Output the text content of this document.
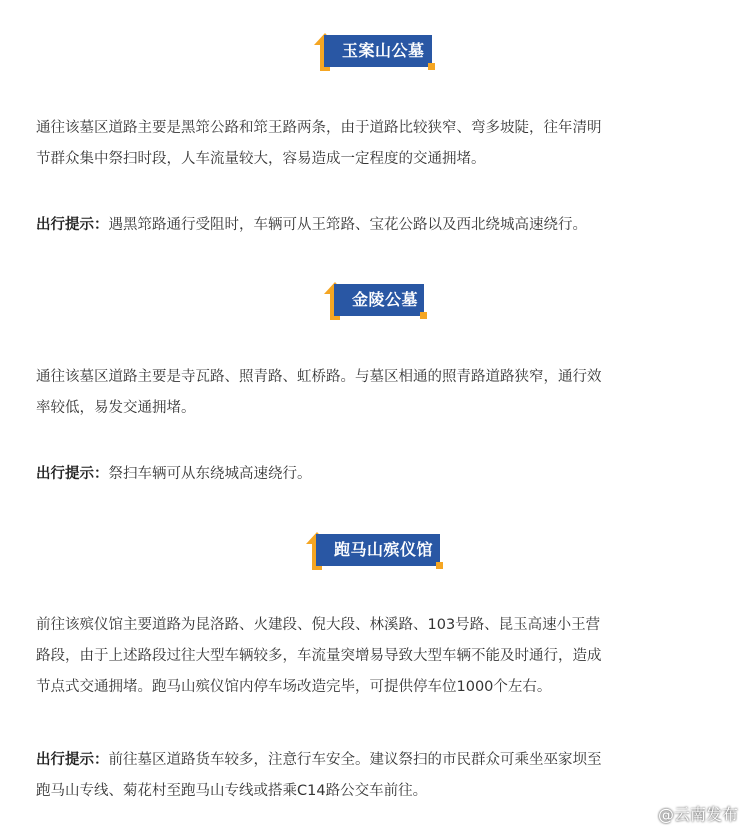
玉案山公墓

通往该墓区道路主要是黑筇公路和筇王路两条，由于道路比较狭窄、弯多坡陡，往年清明
节群众集中祭扫时段，人车流量较大，容易造成一定程度的交通拥堵。

出行提示：遇黑筇路通行受阻时，车辆可从王筇路、宝花公路以及西北绕城高速绕行。

金陵公墓

通往该墓区道路主要是寺瓦路、照青路、虹桥路。与墓区相通的照青路道路狭窄，通行效
率较低，易发交通拥堵。

出行提示：祭扫车辆可从东绕城高速绕行。

跑马山殡仪馆

前往该殡仪馆主要道路为昆洛路、火建段、倪大段、林溪路、103号路、昆玉高速小王营
路段，由于上述路段过往大型车辆较多，车流量突增易导致大型车辆不能及时通行，造成
节点式交通拥堵。跑马山殡仪馆内停车场改造完毕，可提供停车位1000个左右。

出行提示：前往墓区道路货车较多，注意行车安全。建议祭扫的市民群众可乘坐巫家坝至
跑马山专线、菊花村至跑马山专线或搭乘C14路公交车前往。

@云南发布
